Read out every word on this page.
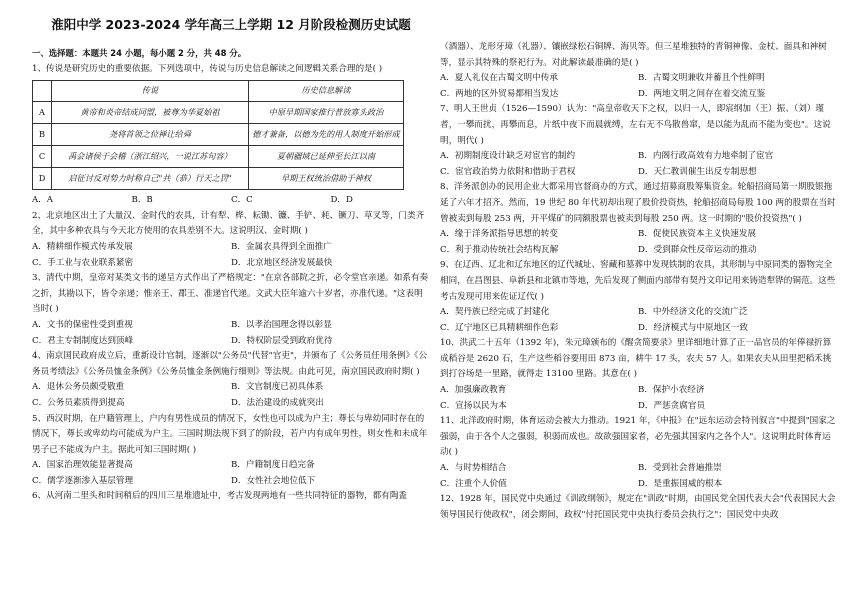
淮阳中学 2023-2024 学年高三上学期 12 月阶段检测历史试题

一、选择题：本题共 24 小题，每小题 2 分，共 48 分。

1、传说是研究历史的重要依据。下列选项中，传说与历史信息解读之间逻辑关系合理的是( )

	传说	历史信息解读
A	黄帝和炎帝结成同盟，被尊为华夏始祖	中原早期国家推行普放寡头政治
B	尧将首领之位禅让给舜	德才兼备，以德为先的用人制度开始形成
C	禹会诸侯于会稽（浙江绍兴，一说江苏句容）	夏朝疆域已延伸至长江以南
D	启征讨反对势力时称自己"共（恭）行天之罚"	早期王权统治借助于神权
A．A	B．B	C．C	D．D

2、北京地区出土了大量汉、金时代的农具，计有犁、桦、耘锄、镰、手铲、耗、镢刀、草叉等，门类齐全，其中多种农具与今天北方使用的农具差别不大。这说明汉、金时期( )

A．精耕细作模式传承发展	B．金属农具得到全面推广
C．手工业与农业联系紧密	D．北京地区经济发展最快

3、清代中期，皇帝对某类文书的递呈方式作出了严格规定："在京各部院之折，必令堂官亲递。如系有奏之折，其勘以下，皆令亲递；惟亲王、郡王、准递官代递。文武大臣年逾六十岁者，亦准代递。"这表明当时( )

A．文书的保密性受到重视	B．以孝治国理念得以彰显
C．君主专制制度达到顶峰	D．特权阶层受到政府优待

4、南京国民政府成立后，重新设计官制，逐渐以"公务员"代替"官吏"，并颁布了《公务员任用条例》《公务员考绩法》《公务员恤金条例》《公务员恤金条例施行细则》等法规。由此可见，南京国民政府时期( )

A．退休公务员颇受敬重	B．文官制度已初具体系
C．公务员素质得到提高	D．法治建设的成就突出

5、西汉时期，在户籍管理上，户内有男性成员的情况下，女性也可以成为户主；尊长与卑幼同时存在的情况下，尊长或卑幼均可能成为户主。三国时期法规下到了的阶段，若户内有成年男性，则女性和未成年男子已不能成为户主。据此可知三国时期( )

A．国家治理效能显著提高	B．户籍制度日趋完备
C．儒学逐渐渗入基层管理	D．女性社会地位低下

6、从河南二里头和时间稍后的四川三星堆遗址中，考古发现两地有一些共同特征的器物，都有陶盉

（酒器）、龙形牙璋（礼器）、镶嵌绿松石铜牌、海贝等。但三星堆独特的青铜神像、金杖、面具和神树等，显示其特殊的祭祀行为。对此解读最准确的是( )

A．夏人礼仪在古蜀文明中传承	B．古蜀文明兼收并蓄且个性鲜明
C．两地的区外贸易都相当发达	D．两地文明之间存在着交流互鉴

7、明人王世贞（1526—1590）认为："高皇帝收天下之权，以归一人，即宸纲加（王）振、（刘）瑾者，一攀而扰，再攀而息，片纸中夜下而晨就缚，左右无不鸟散兽窜，是以能为乱而不能为变也"。这说明，明代( )

A．初期制度设计缺乏对宦官的制约	B．内阁行政高效有力地牵制了宦官
C．宦官政治势力依附和借助于君权	D．天仁教训催生出反专制思想

8、洋务派创办的民用企业大都采用官督商办的方式，通过招募商股筹集资金。轮船招商局第一期股银拖延了六年才招齐。然而，19 世纪 80 年代初却出现了股价投资热，轮船招商局每股 100 两的股票在当时曾被卖到每股 253 两，开平煤矿的同额股票也被卖到每股 250 两。这一时期的"股价投资热"( )

A．缘于洋务派指导思想的转变	B．促使民族资本主义快速发展
C．利于推动传统社会结构瓦解	D．受到群众性反帝运动的推动

9、在辽西、辽北和辽东地区的辽代城址、窖藏和墓葬中发现铁制的农具，其形制与中原同类的器物完全相同，在昌图县、阜新县和北镇市等地，先后发现了侧面内部带有契丹文印记用来铸造犁铧的铜范。这些考古发现可用来佐证辽代( )

A．契丹族已经完成了封建化	B．中外经济文化的交流广泛
C．辽宁地区已具精耕细作色彩	D．经济模式与中原地区一致

10、洪武二十五年（1392 年)，朱元璋颁布的《醒贪简要录》里详细地计算了正一品官员的年俸禄折算成稻谷是 2620 石，生产这些稻谷要用田 873 亩，耕牛 17 头，农夫 57 人。如果农夫从田里把稻禾挑到打谷场是一里路，就得走 13100 里路。其意在( )

A．加强廉政教育	B．保护小农经济
C．宣扬以民为本	D．严惩贪腐官员

11、北洋政府时期，体育运动会被大力推动。1921 年，《申报》在"远东运动会特刊叙言"中提到"国家之强弱，由于各个人之强弱，积弱而成也。故欲强国家者，必先强其国家内之各个人"。这说明此时体育运动( )

A．与时势相结合	B．受到社会普遍推崇
C．注重个人价值	D．是重振国威的根本

12、1928 年，国民党中央通过《训政纲领》，规定在"训政"时期，由国民党全国代表大会"代表国民大会领导国民行使政权"，闭会期间，政权"付托国民党中央执行委员会执行之"；国民党中央政
